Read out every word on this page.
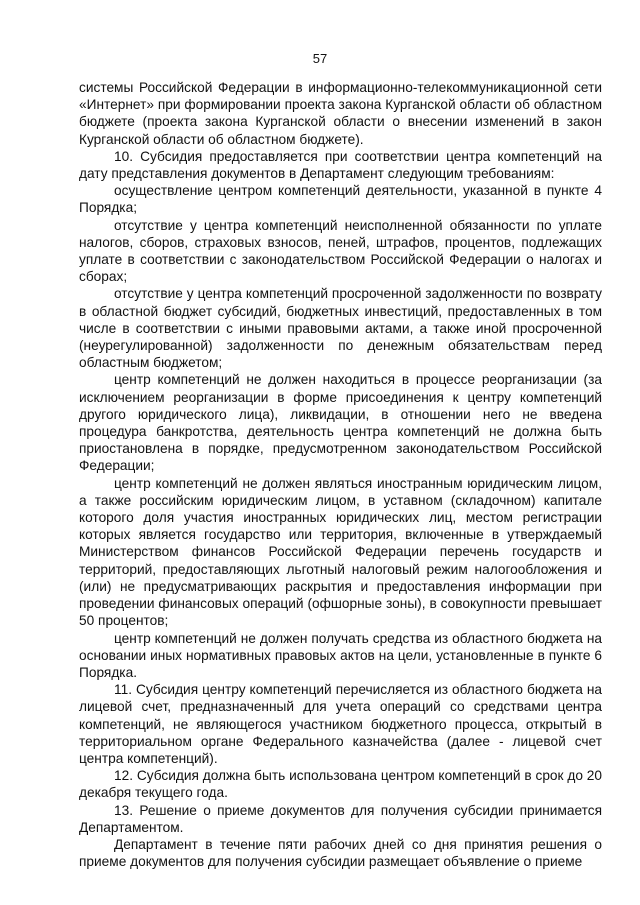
57

системы Российской Федерации в информационно-телекоммуникационной сети «Интернет» при формировании проекта закона Курганской области об областном бюджете (проекта закона Курганской области о внесении изменений в закон Курганской области об областном бюджете).

10. Субсидия предоставляется при соответствии центра компетенций на дату представления документов в Департамент следующим требованиям:

осуществление центром компетенций деятельности, указанной в пункте 4 Порядка;

отсутствие у центра компетенций неисполненной обязанности по уплате налогов, сборов, страховых взносов, пеней, штрафов, процентов, подлежащих уплате в соответствии с законодательством Российской Федерации о налогах и сборах;

отсутствие у центра компетенций просроченной задолженности по возврату в областной бюджет субсидий, бюджетных инвестиций, предоставленных в том числе в соответствии с иными правовыми актами, а также иной просроченной (неурегулированной) задолженности по денежным обязательствам перед областным бюджетом;

центр компетенций не должен находиться в процессе реорганизации (за исключением реорганизации в форме присоединения к центру компетенций другого юридического лица), ликвидации, в отношении него не введена процедура банкротства, деятельность центра компетенций не должна быть приостановлена в порядке, предусмотренном законодательством Российской Федерации;

центр компетенций не должен являться иностранным юридическим лицом, а также российским юридическим лицом, в уставном (складочном) капитале которого доля участия иностранных юридических лиц, местом регистрации которых является государство или территория, включенные в утверждаемый Министерством финансов Российской Федерации перечень государств и территорий, предоставляющих льготный налоговый режим налогообложения и (или) не предусматривающих раскрытия и предоставления информации при проведении финансовых операций (офшорные зоны), в совокупности превышает 50 процентов;

центр компетенций не должен получать средства из областного бюджета на основании иных нормативных правовых актов на цели, установленные в пункте 6 Порядка.

11. Субсидия центру компетенций перечисляется из областного бюджета на лицевой счет, предназначенный для учета операций со средствами центра компетенций, не являющегося участником бюджетного процесса, открытый в территориальном органе Федерального казначейства (далее - лицевой счет центра компетенций).

12. Субсидия должна быть использована центром компетенций в срок до 20 декабря текущего года.

13. Решение о приеме документов для получения субсидии принимается Департаментом.

Департамент в течение пяти рабочих дней со дня принятия решения о приеме документов для получения субсидии размещает объявление о приеме
